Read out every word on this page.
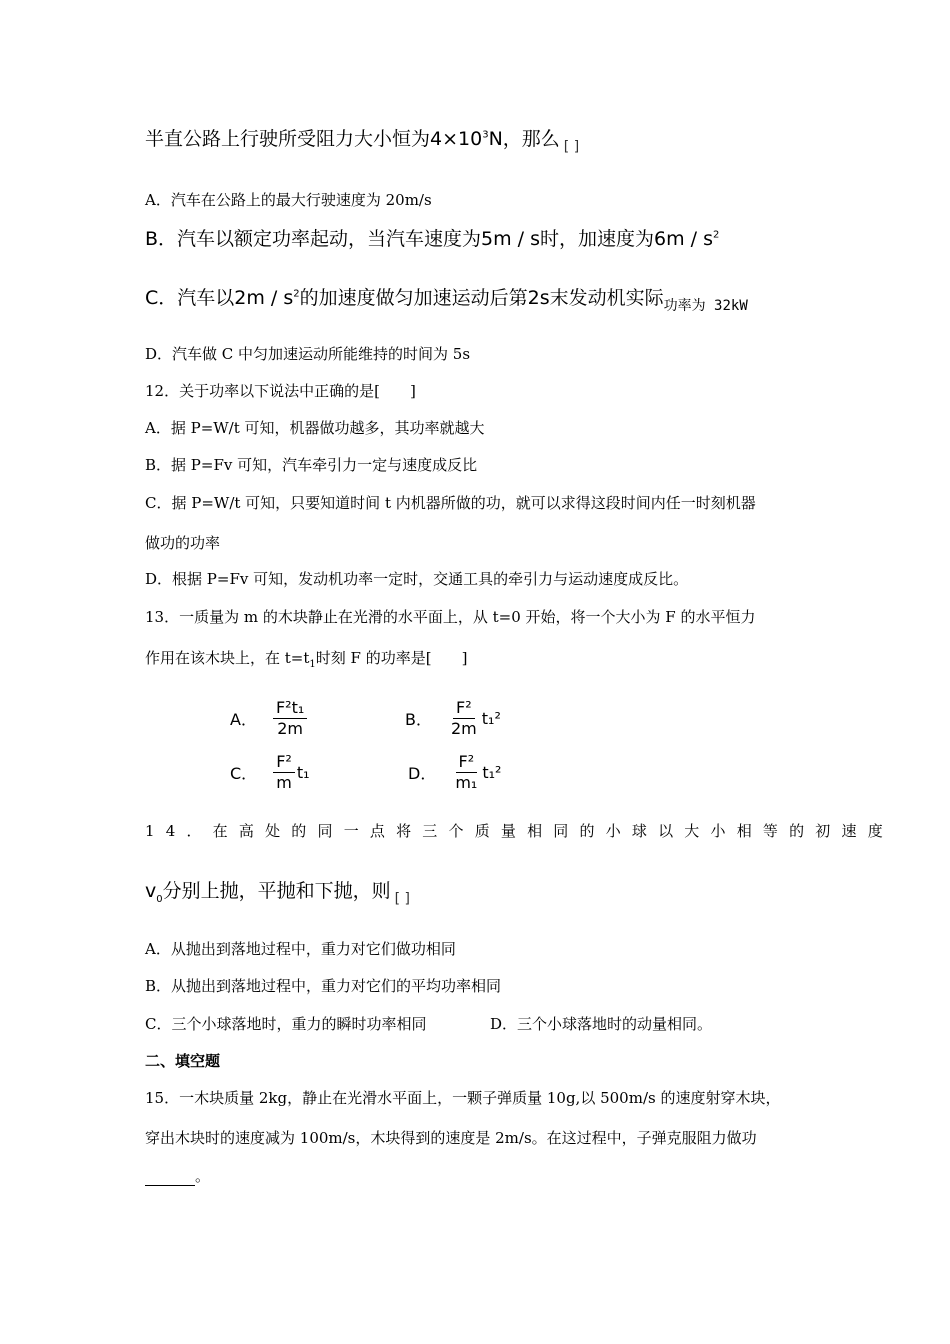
半直公路上行驶所受阻力大小恒为$4\times 10^3N$，那么 $_{[ ]}$
A．汽车在公路上的最大行驶速度为 20m/s
B．汽车以额定功率起动，当汽车速度为5m / s时，加速度为$6m / s^2$
C．汽车以$2m / s^2$的加速度做匀加速运动后第2s末发动机实际$_{功率为 32kW}$
D．汽车做 C 中匀加速运动所能维持的时间为 5s
12．关于功率以下说法中正确的是[　　]
A．据 P=W/t 可知，机器做功越多，其功率就越大
B．据 P=Fv 可知，汽车牵引力一定与速度成反比
C．据 P=W/t 可知，只要知道时间 t 内机器所做的功，就可以求得这段时间内任一时刻机器
做功的功率
D．根据 P=Fv 可知，发动机功率一定时，交通工具的牵引力与运动速度成反比。
13．一质量为 m 的木块静止在光滑的水平面上，从 t=0 开始，将一个大小为 F 的水平恒力
作用在该木块上，在 $t=t_1$时刻 F 的功率是[　　]
A． $\frac{\text{F²t₁}}{2m}$	B． $\frac{\text{F²}}{2m} t_1^2$
C． $\frac{\text{F²}}{m} t_1$	D． $\frac{\text{F²}}{\text{m₁}} t_1^2$
14．在高处的同一点将三个质量相同的小球以大小相等的初速度
$v_0$分别上抛，平抛和下抛，则 $_{[ ]}$
A．从抛出到落地过程中，重力对它们做功相同
B．从抛出到落地过程中，重力对它们的平均功率相同
C．三个小球落地时，重力的瞬时功率相同	D．三个小球落地时的动量相同。
二、填空题
15．一木块质量 2kg，静止在光滑水平面上，一颗子弹质量 10g,以 500m/s 的速度射穿木块，
穿出木块时的速度减为 100m/s，木块得到的速度是 2m/s。在这过程中，子弹克服阻力做功
。
